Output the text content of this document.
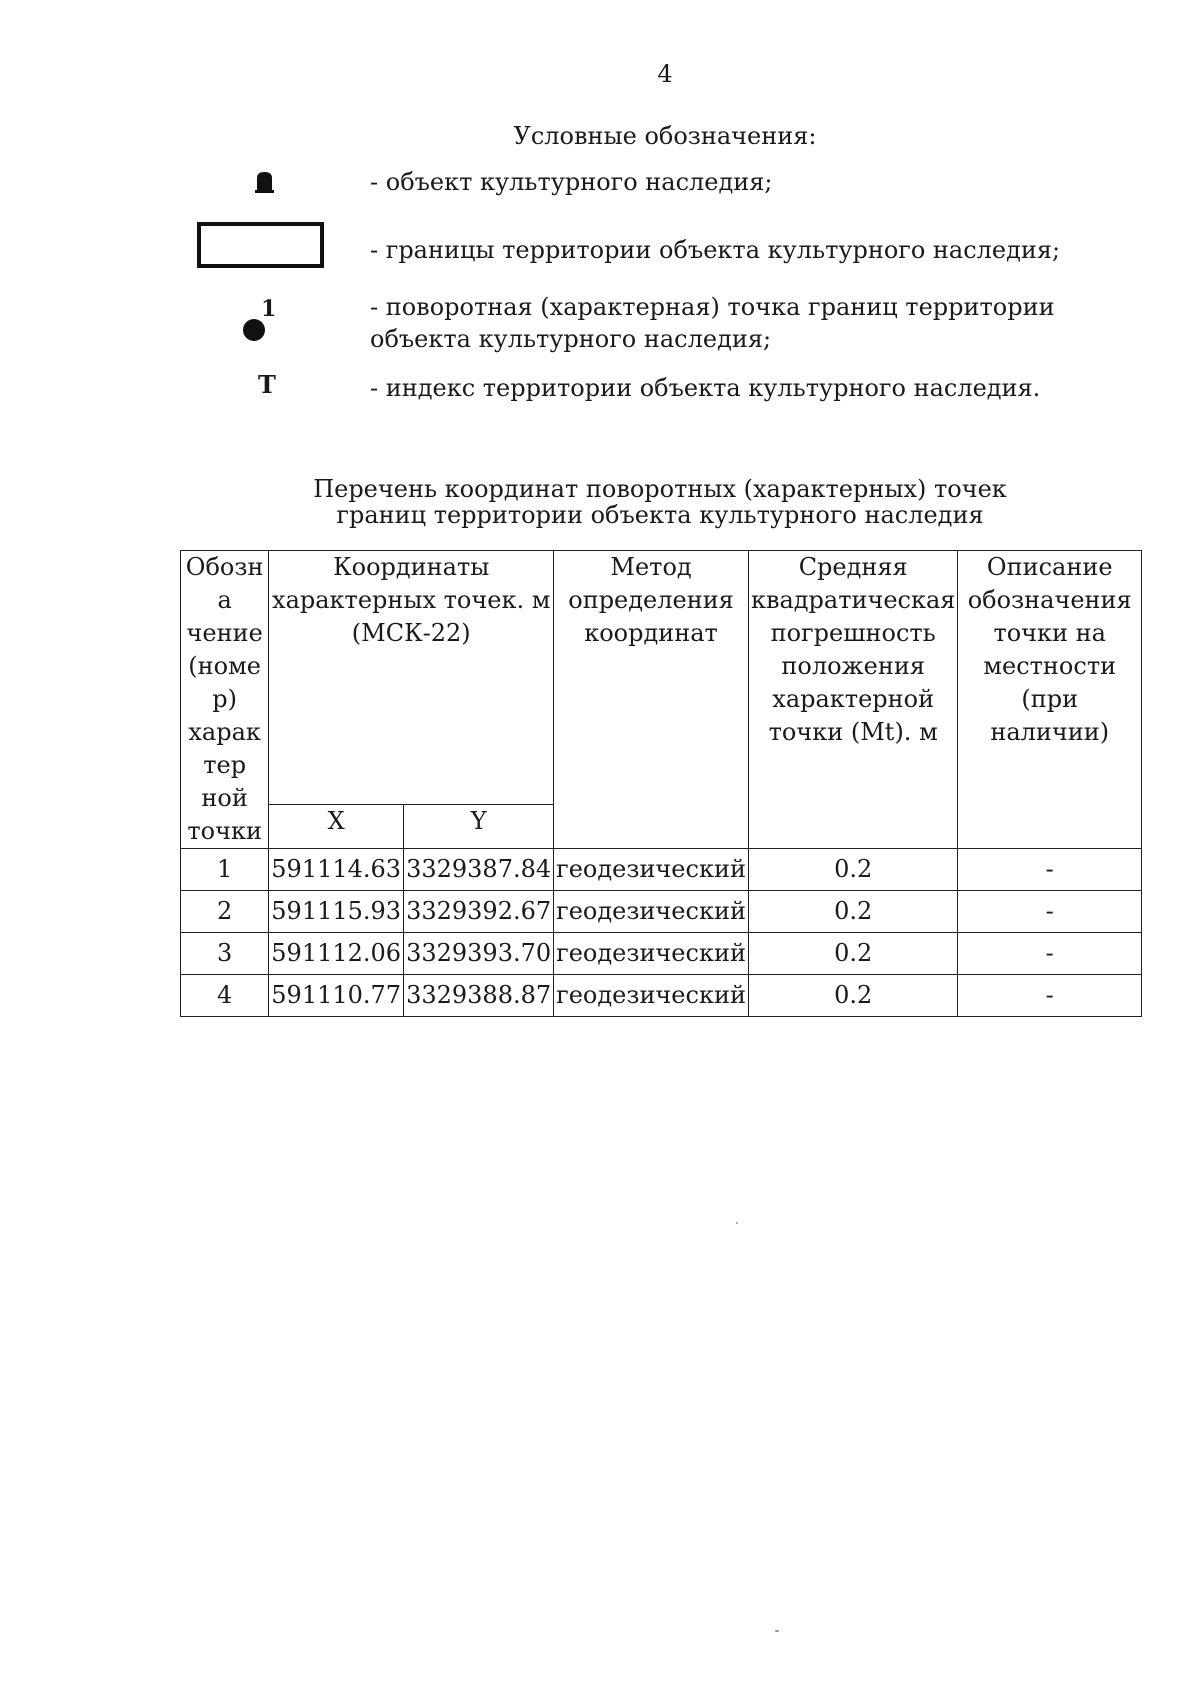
4
Условные обозначения:
- объект культурного наследия;
- границы территории объекта культурного наследия;
1	- поворотная (характерная) точка границ территории объекта культурного наследия;
Т	- индекс территории объекта культурного наследия.
Перечень координат поворотных (характерных) точек
границ территории объекта культурного наследия
Обозна чение (номер) характер ной точки	Координаты характерных точек. м (МСК-22)		Метод определения координат	Средняя квадратическая погрешность положения характерной точки (Mt). м	Описание обозначения точки на местности (при наличии)
	X	Y			
1	591114.63	3329387.84	геодезический	0.2	-
2	591115.93	3329392.67	геодезический	0.2	-
3	591112.06	3329393.70	геодезический	0.2	-
4	591110.77	3329388.87	геодезический	0.2	-
